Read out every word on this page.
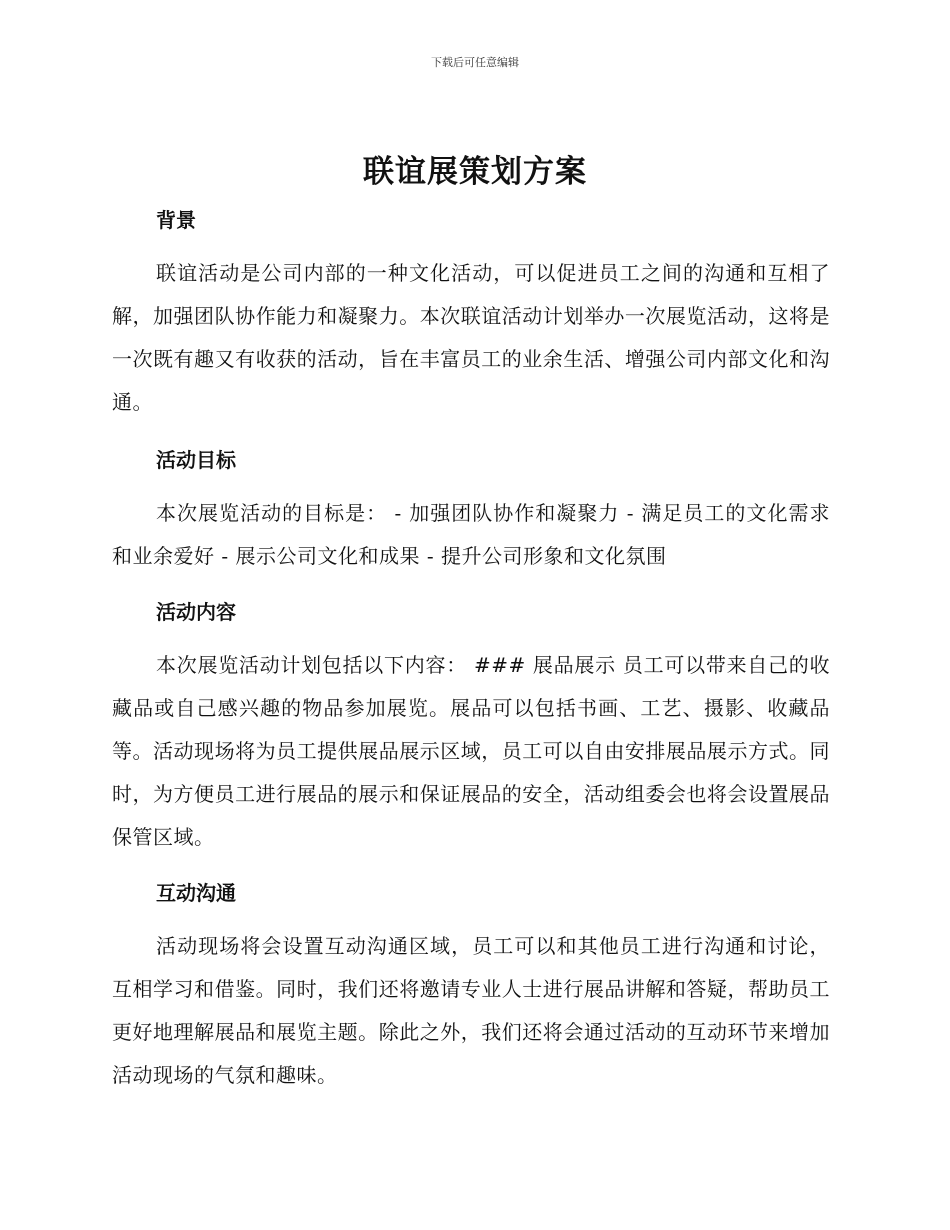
下载后可任意编辑
联谊展策划方案
背景

联谊活动是公司内部的一种文化活动，可以促进员工之间的沟通和互相了解，加强团队协作能力和凝聚力。本次联谊活动计划举办一次展览活动，这将是一次既有趣又有收获的活动，旨在丰富员工的业余生活、增强公司内部文化和沟通。

活动目标

本次展览活动的目标是： - 加强团队协作和凝聚力 - 满足员工的文化需求和业余爱好 - 展示公司文化和成果 - 提升公司形象和文化氛围

活动内容

本次展览活动计划包括以下内容： ### 展品展示 员工可以带来自己的收藏品或自己感兴趣的物品参加展览。展品可以包括书画、工艺、摄影、收藏品等。活动现场将为员工提供展品展示区域，员工可以自由安排展品展示方式。同时，为方便员工进行展品的展示和保证展品的安全，活动组委会也将会设置展品保管区域。

互动沟通

活动现场将会设置互动沟通区域，员工可以和其他员工进行沟通和讨论，互相学习和借鉴。同时，我们还将邀请专业人士进行展品讲解和答疑，帮助员工更好地理解展品和展览主题。除此之外，我们还将会通过活动的互动环节来增加活动现场的气氛和趣味。
